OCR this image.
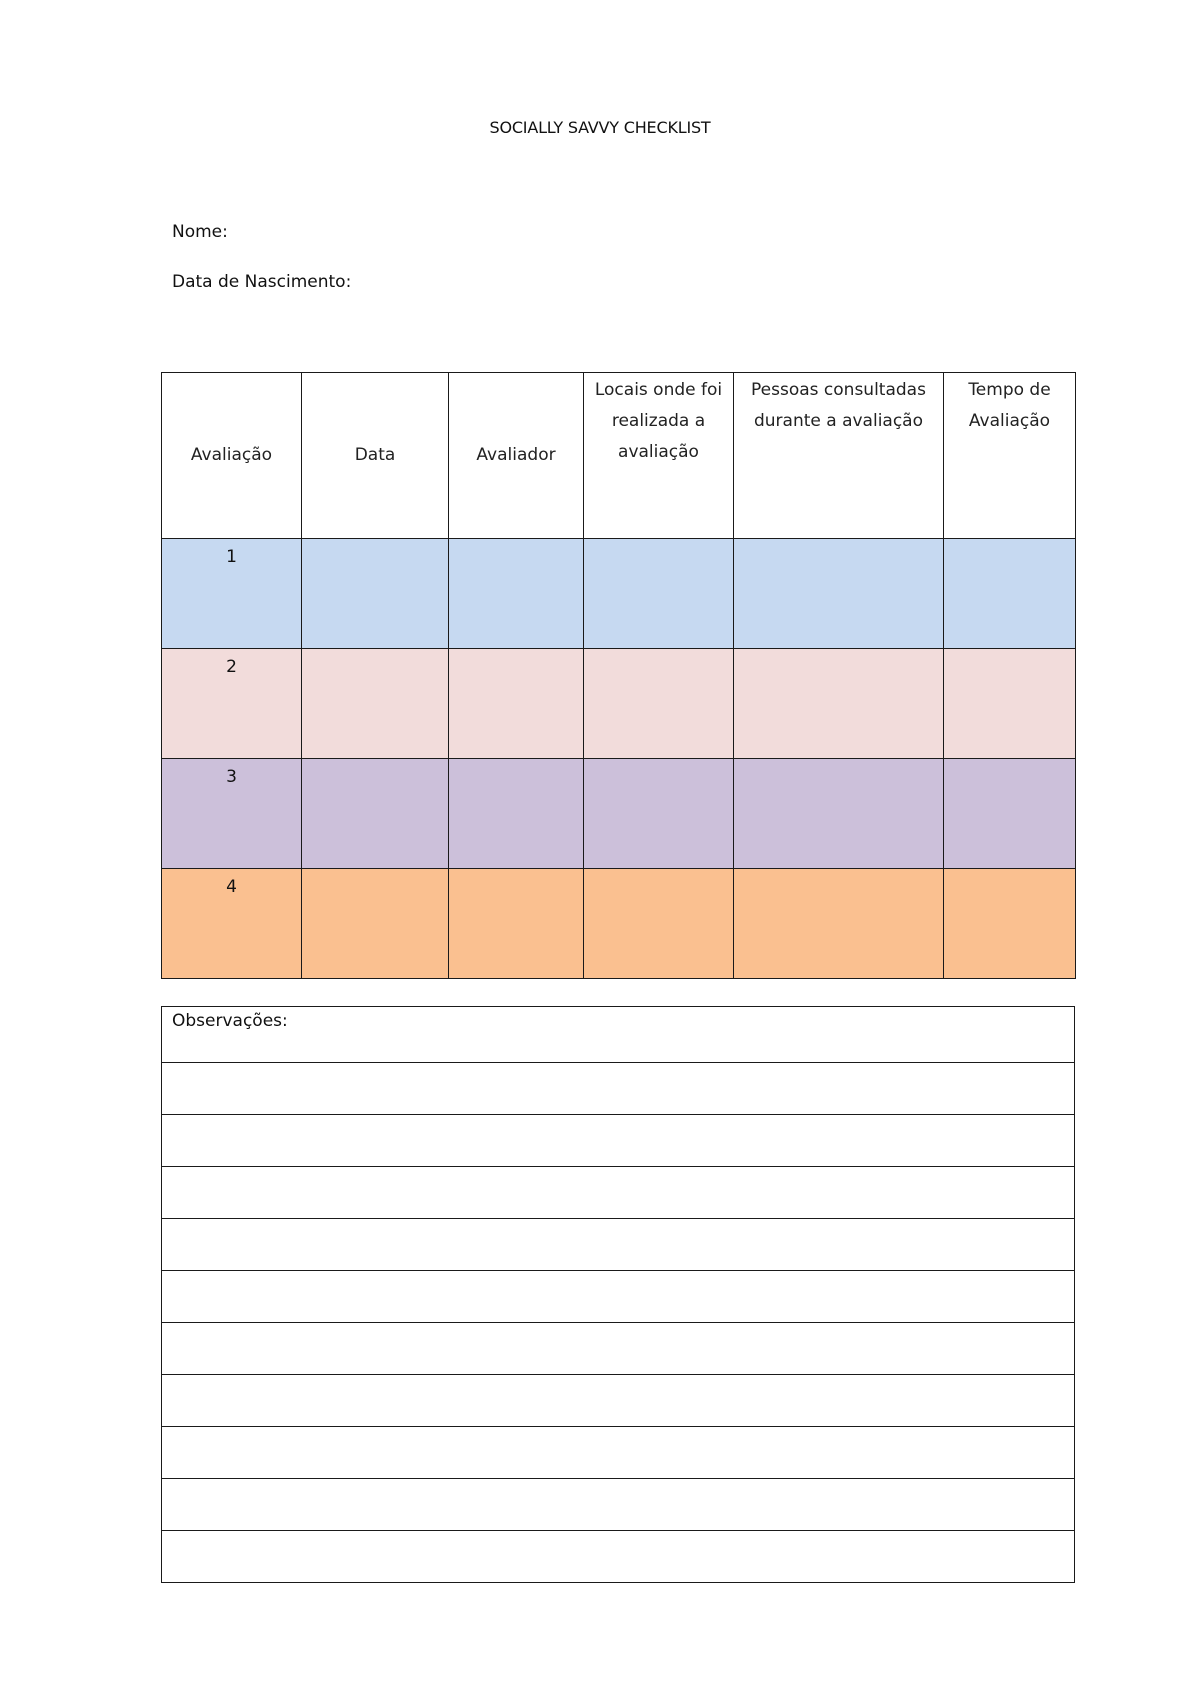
SOCIALLY SAVVY CHECKLIST
Nome:
Data de Nascimento:
Avaliação	Data	Avaliador	Locais onde foi realizada a avaliação	Pessoas consultadas durante a avaliação	Tempo de Avaliação
1					
2					
3					
4					
Observações:
